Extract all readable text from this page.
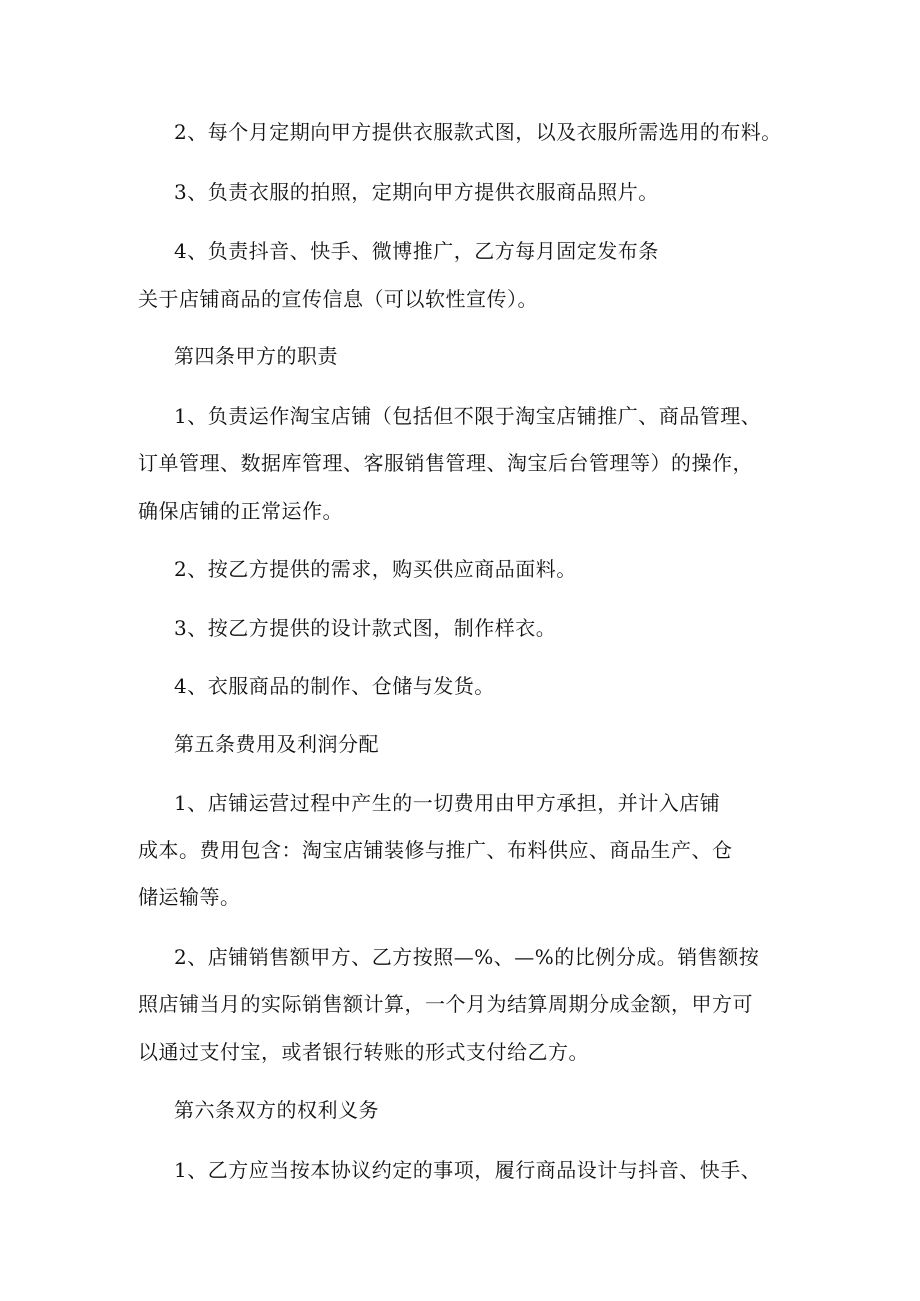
2、每个月定期向甲方提供衣服款式图，以及衣服所需选用的布料。
3、负责衣服的拍照，定期向甲方提供衣服商品照片。
4、负责抖音、快手、微博推广，乙方每月固定发布条
关于店铺商品的宣传信息（可以软性宣传）。
第四条甲方的职责
1、负责运作淘宝店铺（包括但不限于淘宝店铺推广、商品管理、
订单管理、数据库管理、客服销售管理、淘宝后台管理等）的操作，
确保店铺的正常运作。
2、按乙方提供的需求，购买供应商品面料。
3、按乙方提供的设计款式图，制作样衣。
4、衣服商品的制作、仓储与发货。
第五条费用及利润分配
1、店铺运营过程中产生的一切费用由甲方承担，并计入店铺
成本。费用包含：淘宝店铺装修与推广、布料供应、商品生产、仓
储运输等。
2、店铺销售额甲方、乙方按照—%、—%的比例分成。销售额按
照店铺当月的实际销售额计算，一个月为结算周期分成金额，甲方可
以通过支付宝，或者银行转账的形式支付给乙方。
第六条双方的权利义务
1、乙方应当按本协议约定的事项，履行商品设计与抖音、快手、
